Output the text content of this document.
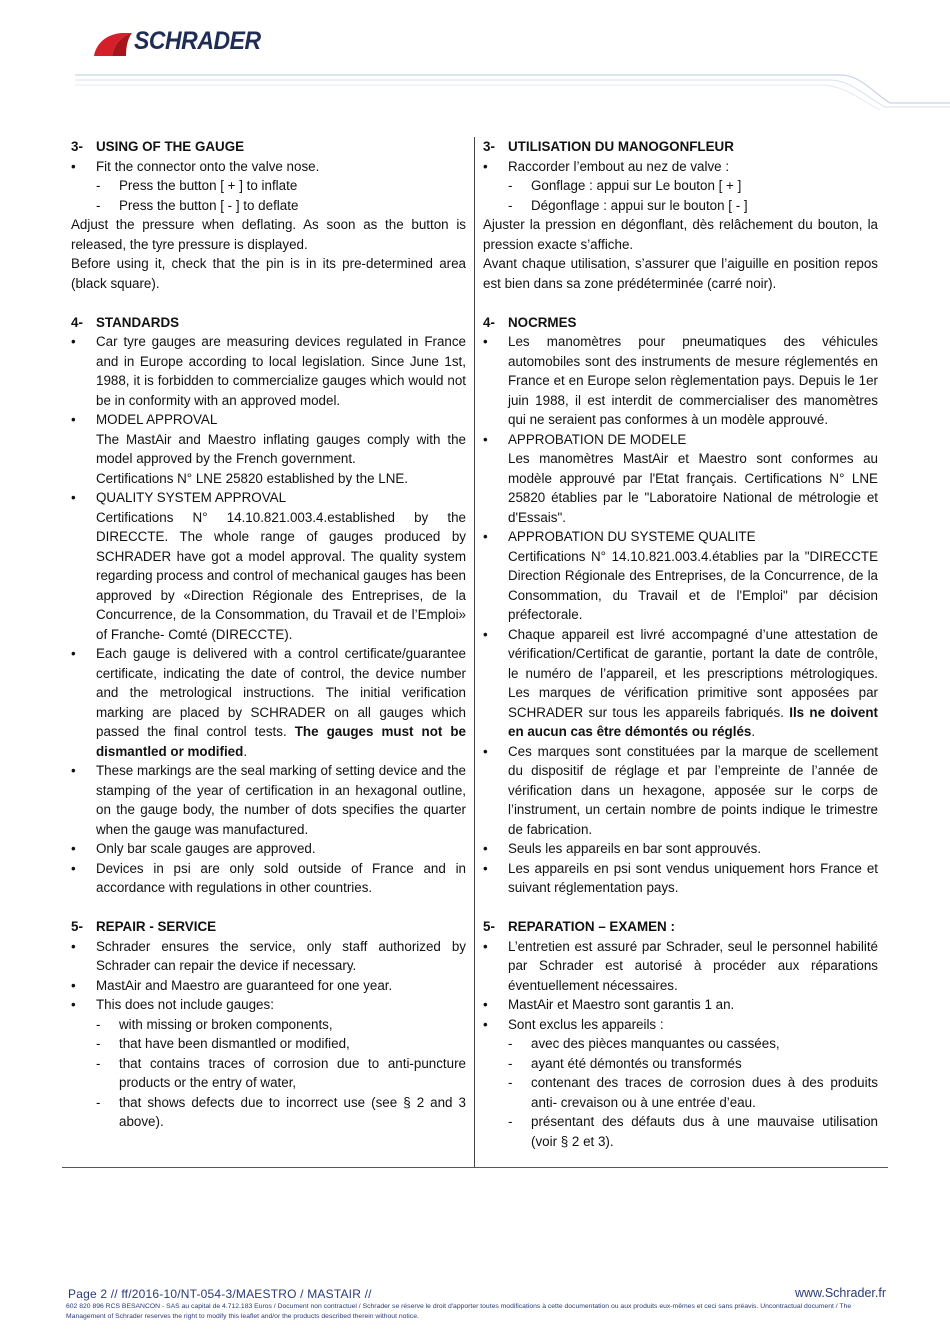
SCHRADER
3- USING OF THE GAUGE
•	Fit the connector onto the valve nose.
-	Press the button [ + ] to inflate
-	Press the button [ - ] to deflate

Adjust the pressure when deflating. As soon as the button is released, the tyre pressure is displayed.

Before using it, check that the pin is in its pre-determined area (black square).

4- STANDARDS
•	Car tyre gauges are measuring devices regulated in France and in Europe according to local legislation. Since June 1st, 1988, it is forbidden to commercialize gauges which would not be in conformity with an approved model.
•	MODEL APPROVAL
The MastAir and Maestro inflating gauges comply with the model approved by the French government.
Certifications N° LNE 25820 established by the LNE.
•	QUALITY SYSTEM APPROVAL
Certifications N° 14.10.821.003.4.established by the DIRECCTE. The whole range of gauges produced by SCHRADER have got a model approval. The quality system regarding process and control of mechanical gauges has been approved by «Direction Régionale des Entreprises, de la Concurrence, de la Consommation, du Travail et de l’Emploi» of Franche- Comté (DIRECCTE).
•	Each gauge is delivered with a control certificate/guarantee certificate, indicating the date of control, the device number and the metrological instructions. The initial verification marking are placed by SCHRADER on all gauges which passed the final control tests. The gauges must not be dismantled or modified.
•	These markings are the seal marking of setting device and the stamping of the year of certification in an hexagonal outline, on the gauge body, the number of dots specifies the quarter when the gauge was manufactured.
•	Only bar scale gauges are approved.
•	Devices in psi are only sold outside of France and in accordance with regulations in other countries.
5- REPAIR - SERVICE
•	Schrader ensures the service, only staff authorized by Schrader can repair the device if necessary.
•	MastAir and Maestro are guaranteed for one year.
•	This does not include gauges:
-	with missing or broken components,
-	that have been dismantled or modified,
-	that contains traces of corrosion due to anti-puncture products or the entry of water,
-	that shows defects due to incorrect use (see § 2 and 3 above).
3- UTILISATION DU MANOGONFLEUR
•	Raccorder l’embout au nez de valve :
-	Gonflage : appui sur Le bouton [ + ]
-	Dégonflage : appui sur le bouton [ - ]

Ajuster la pression en dégonflant, dès relâchement du bouton, la pression exacte s’affiche.

Avant chaque utilisation, s’assurer que l’aiguille en position repos est bien dans sa zone prédéterminée (carré noir).

4- NOCRMES
•	Les manomètres pour pneumatiques des véhicules automobiles sont des instruments de mesure réglementés en France et en Europe selon règlementation pays. Depuis le 1er juin 1988, il est interdit de commercialiser des manomètres qui ne seraient pas conformes à un modèle approuvé.
•	APPROBATION DE MODELE
Les manomètres MastAir et Maestro sont conformes au modèle approuvé par l'Etat français. Certifications N° LNE 25820 établies par le "Laboratoire National de métrologie et d'Essais".
•	APPROBATION DU SYSTEME QUALITE
Certifications N° 14.10.821.003.4.établies par la "DIRECCTE Direction Régionale des Entreprises, de la Concurrence, de la Consommation, du Travail et de l'Emploi" par décision préfectorale.
•	Chaque appareil est livré accompagné d’une attestation de vérification/Certificat de garantie, portant la date de contrôle, le numéro de l’appareil, et les prescriptions métrologiques. Les marques de vérification primitive sont apposées par SCHRADER sur tous les appareils fabriqués. Ils ne doivent en aucun cas être démontés ou réglés.
•	Ces marques sont constituées par la marque de scellement du dispositif de réglage et par l’empreinte de l’année de vérification dans un hexagone, apposée sur le corps de l’instrument, un certain nombre de points indique le trimestre de fabrication.
•	Seuls les appareils en bar sont approuvés.
•	Les appareils en psi sont vendus uniquement hors France et suivant réglementation pays.
5- REPARATION – EXAMEN :
•	L’entretien est assuré par Schrader, seul le personnel habilité par Schrader est autorisé à procéder aux réparations éventuellement nécessaires.
•	MastAir et Maestro sont garantis 1 an.
•	Sont exclus les appareils :
-	avec des pièces manquantes ou cassées,
-	ayant été démontés ou transformés
-	contenant des traces de corrosion dues à des produits anti- crevaison ou à une entrée d’eau.
-	présentant des défauts dus à une mauvaise utilisation (voir § 2 et 3).
Page 2 // ff/2016-10/NT-054-3/MAESTRO / MASTAIR //	www.Schrader.fr
602 820 896 RCS BESANCON - SAS au capital de 4.712.183 Euros / Document non contractuel / Schrader se réserve le droit d'apporter toutes modifications à cette documentation ou aux produits eux-mêmes et ceci sans préavis. Uncontractual document / The Management of Schrader reserves the right to modify this leaflet and/or the products described therein without notice.
